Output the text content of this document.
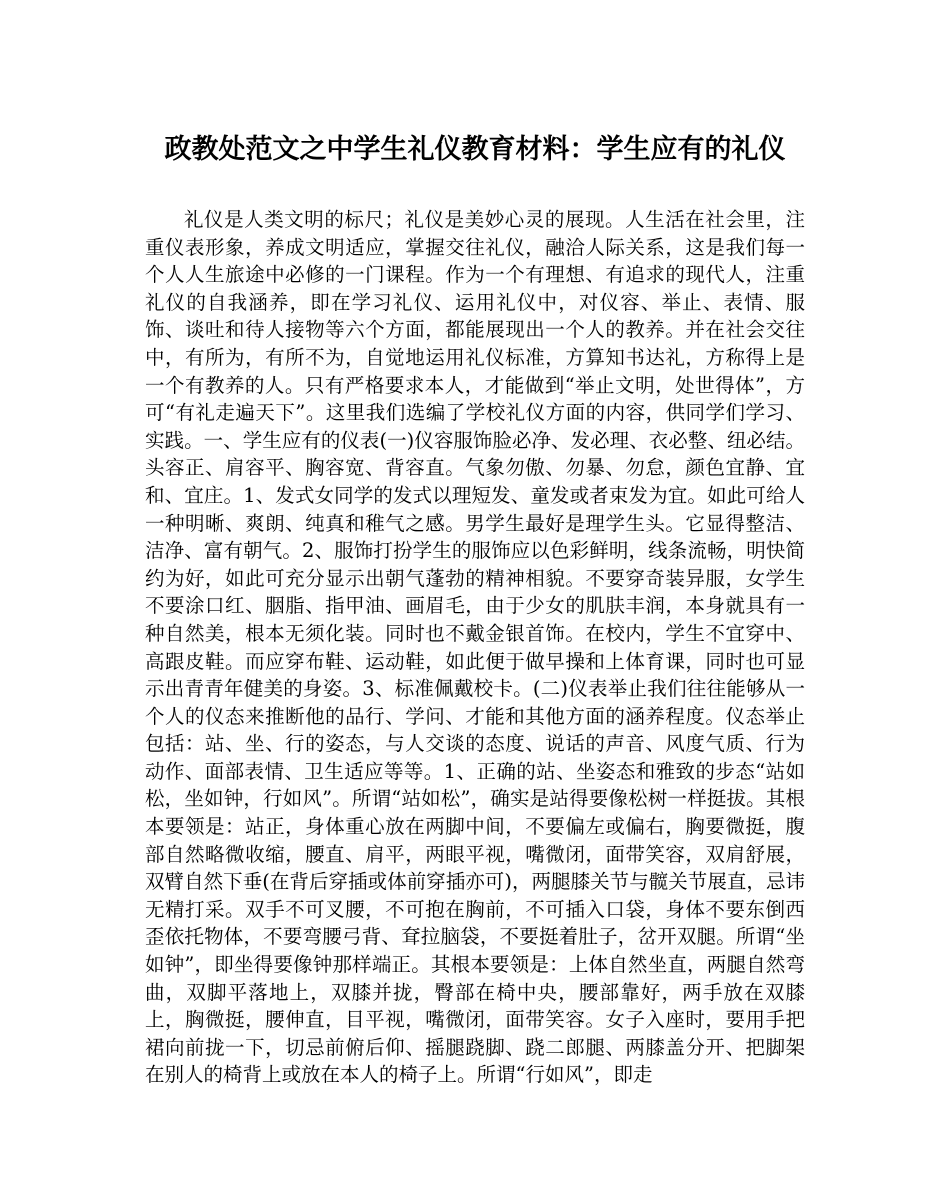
政教处范文之中学生礼仪教育材料：学生应有的礼仪

礼仪是人类文明的标尺；礼仪是美妙心灵的展现。人生活在社会里，注重仪表形象，养成文明适应，掌握交往礼仪，融洽人际关系，这是我们每一个人人生旅途中必修的一门课程。作为一个有理想、有追求的现代人，注重礼仪的自我涵养，即在学习礼仪、运用礼仪中，对仪容、举止、表情、服饰、谈吐和待人接物等六个方面，都能展现出一个人的教养。并在社会交往中，有所为，有所不为，自觉地运用礼仪标准，方算知书达礼，方称得上是一个有教养的人。只有严格要求本人，才能做到“举止文明，处世得体”，方可“有礼走遍天下”。这里我们选编了学校礼仪方面的内容，供同学们学习、实践。一、学生应有的仪表(一)仪容服饰脸必净、发必理、衣必整、纽必结。头容正、肩容平、胸容宽、背容直。气象勿傲、勿暴、勿怠，颜色宜静、宜和、宜庄。1、发式女同学的发式以理短发、童发或者束发为宜。如此可给人一种明晰、爽朗、纯真和稚气之感。男学生最好是理学生头。它显得整洁、洁净、富有朝气。2、服饰打扮学生的服饰应以色彩鲜明，线条流畅，明快简约为好，如此可充分显示出朝气蓬勃的精神相貌。不要穿奇装异服，女学生不要涂口红、胭脂、指甲油、画眉毛，由于少女的肌肤丰润，本身就具有一种自然美，根本无须化装。同时也不戴金银首饰。在校内，学生不宜穿中、高跟皮鞋。而应穿布鞋、运动鞋，如此便于做早操和上体育课，同时也可显示出青青年健美的身姿。3、标准佩戴校卡。(二)仪表举止我们往往能够从一个人的仪态来推断他的品行、学问、才能和其他方面的涵养程度。仪态举止包括：站、坐、行的姿态，与人交谈的态度、说话的声音、风度气质、行为动作、面部表情、卫生适应等等。1、正确的站、坐姿态和雅致的步态“站如松，坐如钟，行如风”。所谓“站如松”，确实是站得要像松树一样挺拔。其根本要领是：站正，身体重心放在两脚中间，不要偏左或偏右，胸要微挺，腹部自然略微收缩，腰直、肩平，两眼平视，嘴微闭，面带笑容，双肩舒展，双臂自然下垂(在背后穿插或体前穿插亦可)，两腿膝关节与髋关节展直，忌讳无精打采。双手不可叉腰，不可抱在胸前，不可插入口袋，身体不要东倒西歪依托物体，不要弯腰弓背、耷拉脑袋，不要挺着肚子，岔开双腿。所谓“坐如钟”，即坐得要像钟那样端正。其根本要领是：上体自然坐直，两腿自然弯曲，双脚平落地上，双膝并拢，臀部在椅中央，腰部靠好，两手放在双膝上，胸微挺，腰伸直，目平视，嘴微闭，面带笑容。女子入座时，要用手把裙向前拢一下，切忌前俯后仰、摇腿跷脚、跷二郎腿、两膝盖分开、把脚架在别人的椅背上或放在本人的椅子上。所谓“行如风”，即走
